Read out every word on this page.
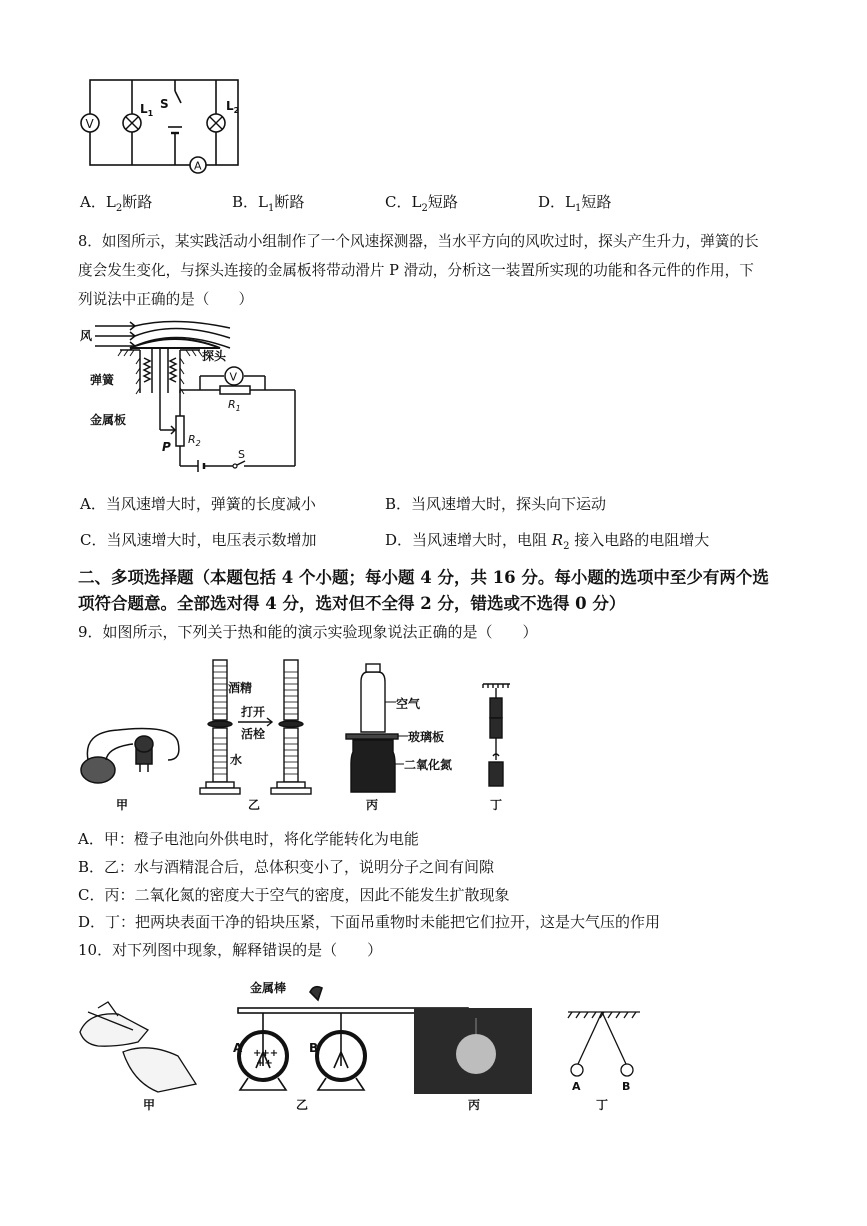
V
$L_1$
S	$L_2$
A
A．$L_2$断路	B．$L_1$断路	C．$L_2$短路	D．$L_1$短路
8．如图所示，某实践活动小组制作了一个风速探测器，当水平方向的风吹过时，探头产生升力，弹簧的长
度会发生变化，与探头连接的金属板将带动滑片 P 滑动，分析这一装置所实现的功能和各元件的作用，下
列说法中正确的是（　　）
V
风
探头
弹簧
金属板
$R_1$
$R_2$
P
S
A．当风速增大时，弹簧的长度减小	B．当风速增大时，探头向下运动
C．当风速增大时，电压表示数增加	D．当风速增大时，电阻 $R_2$ 接入电路的电阻增大
二、多项选择题（本题包括 4 个小题；每小题 4 分，共 16 分。每小题的选项中至少有两个选
项符合题意。全部选对得 4 分，选对但不全得 2 分，错选或不选得 0 分）
9．如图所示，下列关于热和能的演示实验现象说法正确的是（　　）
甲
酒精
打开
活栓
水
乙
空气
玻璃板
二氧化氮
丙	丁
A．甲：橙子电池向外供电时，将化学能转化为电能
B．乙：水与酒精混合后，总体积变小了，说明分子之间有间隙
C．丙：二氧化氮的密度大于空气的密度，因此不能发生扩散现象
D．丁：把两块表面干净的铅块压紧，下面吊重物时未能把它们拉开，这是大气压的作用
10．对下列图中现象，解释错误的是（　　）
甲
A	B
+++
++
金属棒
乙	丙
A	B
丁
